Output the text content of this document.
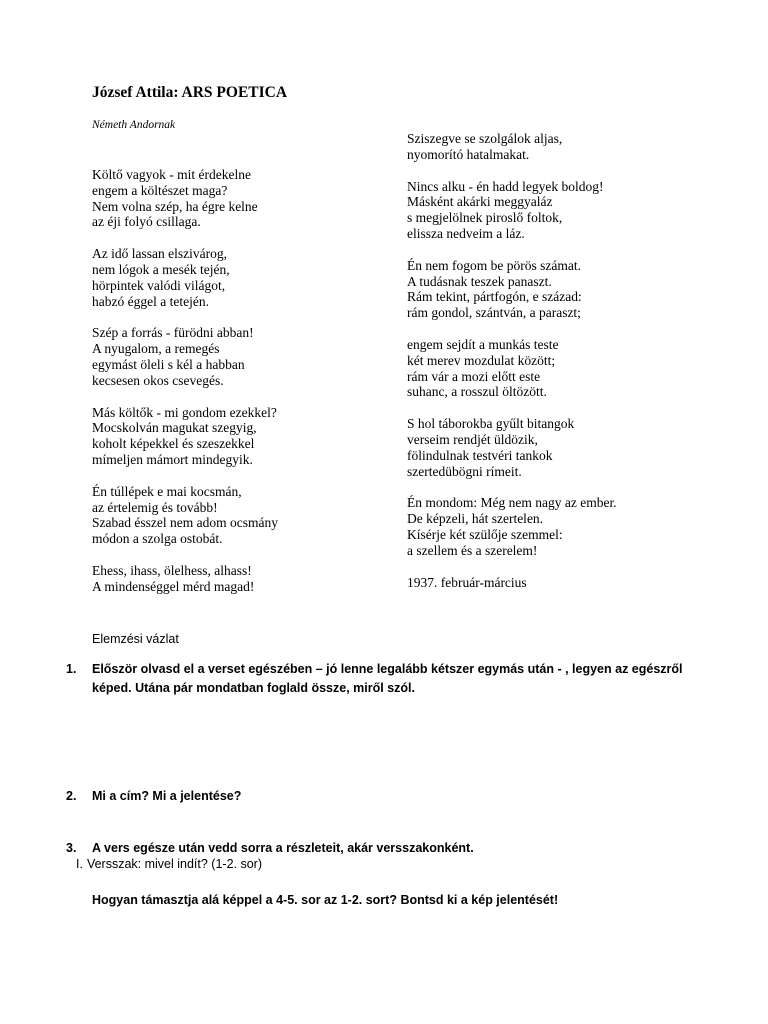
József Attila: ARS POETICA
Németh Andornak
Költő vagyok - mit érdekelne
engem a költészet maga?
Nem volna szép, ha égre kelne
az éji folyó csillaga.
Az idő lassan elszivárog,
nem lógok a mesék tején,
hörpintek valódi világot,
habzó éggel a tetején.
Szép a forrás - fürödni abban!
A nyugalom, a remegés
egymást öleli s kél a habban
kecsesen okos csevegés.
Más költők - mi gondom ezekkel?
Mocskolván magukat szegyig,
koholt képekkel és szeszekkel
mímeljen mámort mindegyik.
Én túllépek e mai kocsmán,
az értelemig és tovább!
Szabad ésszel nem adom ocsmány
módon a szolga ostobát.
Ehess, ihass, ölelhess, alhass!
A mindenséggel mérd magad!
Sziszegve se szolgálok aljas,
nyomorító hatalmakat.
Nincs alku - én hadd legyek boldog!
Másként akárki meggyaláz
s megjelölnek piroslő foltok,
elissza nedveim a láz.
Én nem fogom be pörös számat.
A tudásnak teszek panaszt.
Rám tekint, pártfogón, e század:
rám gondol, szántván, a paraszt;
engem sejdít a munkás teste
két merev mozdulat között;
rám vár a mozi előtt este
suhanc, a rosszul öltözött.
S hol táborokba gyűlt bitangok
verseim rendjét üldözik,
fölindulnak testvéri tankok
szertedübögni rímeit.
Én mondom: Még nem nagy az ember.
De képzeli, hát szertelen.
Kísérje két szülője szemmel:
a szellem és a szerelem!
1937. február-március
Elemzési vázlat
1. Először olvasd el a verset egészében – jó lenne legalább kétszer egymás után - , legyen az egészről
képed. Utána pár mondatban foglald össze, miről szól.
2. Mi a cím? Mi a jelentése?
3. A vers egésze után vedd sorra a részleteit, akár versszakonként.
I. Versszak: mivel indít? (1-2. sor)
Hogyan támasztja alá képpel a 4-5. sor az 1-2. sort? Bontsd ki a kép jelentését!
